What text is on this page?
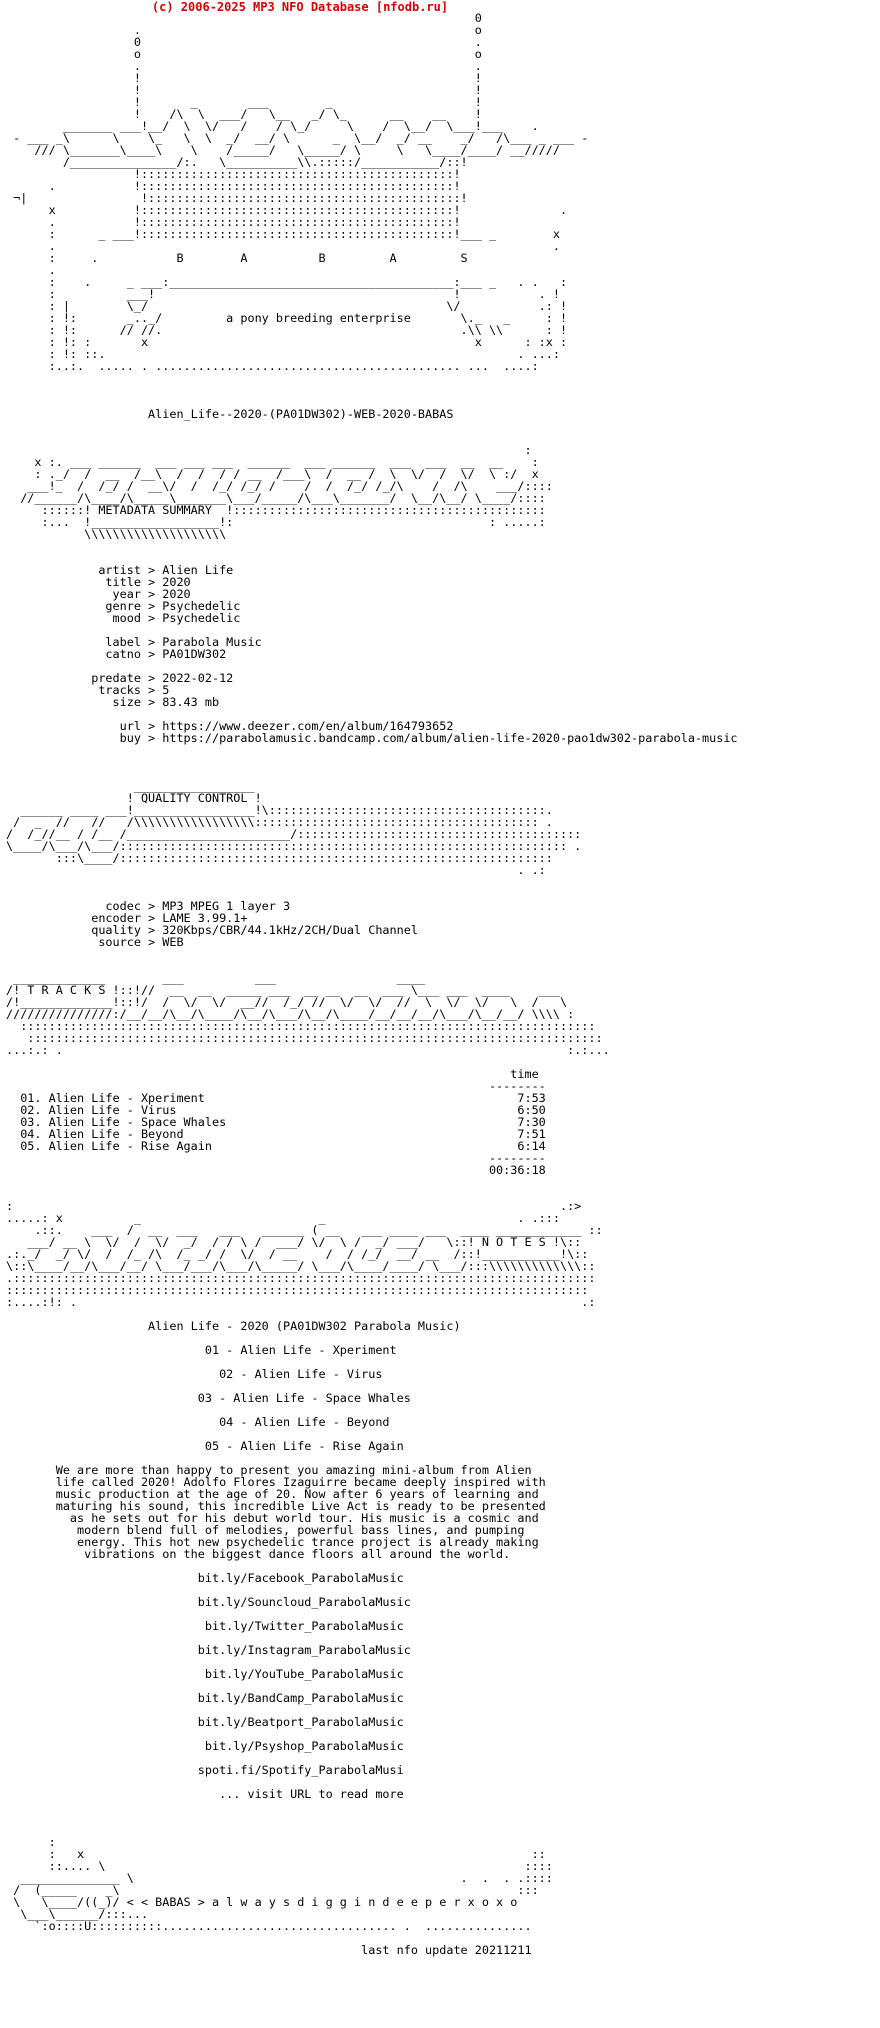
(c) 2006-2025 MP3 NFO Database [nfodb.ru]
0
.                                               o
0                                               .
o                                               o
.                                               .
!                                               !
!                                               !
!       _       ___        _                    !
!    /\  \  ___/   \__   _/ \_      __    __    !
_______ ___!__/  \  \/   /    / \_/     \    /  \__/  \___!___    .
- ___ _\      \    \_   \  \  _/  __/ \      _  \__/  _/ __    _/   /\___ _ ___ -
/// \_______\____\    \    /_____/   \_____/ \     \   \____/____/ __/////
/_______________/:.   \__________\\.:::::/___________/::!
!::::::::::::::::::::::::::::::::::::::::::::!
.           !::::::::::::::::::::::::::::::::::::::::::::!
¬|                !::::::::::::::::::::::::::::::::::::::::::::!
x           !::::::::::::::::::::::::::::::::::::::::::::!              .
.           !::::::::::::::::::::::::::::::::::::::::::::!
:      _ ___!::::::::::::::::::::::::::::::::::::::::::::!___ _        x
.                                                                      .
:     .           B        A          B         A         S
.
:    .     _ ___:________________________________________:___ _   . .   :
:          ___!                                          !           . !
: |        \_/                                          \/           .: !
: !:       _.._/         a pony breeding enterprise       \._   _     : !
: !:      // //.                                          .\\ \\      : !
: !: :       x                                              x      : :x :
: !: ::.                                                          . ...:
:..:.  ..... . ........................................... ...  ....:

Alien_Life--2020-(PA01DW302)-WEB-2020-BABAS

:
x :. ___ ______  ___ ___ ___  ______  ___ ______  ___  ___  __  __    :
: ._/  /  __  /__\  /  /  / / __  /___\  /  __ /  \  \/  /  \/  \ :/  x
___!_  /  /_/ /  __\/  /  /_/ /_/ /    /  /  /_/ /_/\    /  /\    ___/::::
//______/\____/\_____\_______\___/_____/\___\_______/  \__/\__/ \____/::::
::::::! METADATA SUMMARY  !::::::::::::::::::::::::::::::::::::::::::::
:...  !__________________!:                                    : .....:
\\\\\\\\\\\\\\\\\\\\

artist > Alien Life
title > 2020
year > 2020
genre > Psychedelic
mood > Psychedelic

label > Parabola Music
catno > PA01DW302

predate > 2022-02-12
tracks > 5
size > 83.43 mb

url > https://www.deezer.com/en/album/164793652
buy > https://parabolamusic.bandcamp.com/album/alien-life-2020-pao1dw302-parabola-music

_________________
! QUALITY CONTROL !
______ ____ ___!_________________!\:::::::::::::::::::::::::::::::::::::::.
/  _  //   //   /\\\\\\\\\\\\\\\\\:::::::::::::::::::::::::::::::::::::::: .
/  /_//__ / /__ /_______________________/::::::::::::::::::::::::::::::::::::::::
\____/\___/\___/::::::::::::::::::::::::::::::::::::::::::::::::::::::::::::::: .
:::\____/:::::::::::::::::::::::::::::::::::::::::::::::::::::::::::::
. .:

codec > MP3 MPEG 1 layer 3
encoder > LAME 3.99.1+
quality > 320Kbps/CBR/44.1kHz/2CH/Dual Channel
source > WEB

_____________        ___          ___                 ____
/! T R A C K S !::!//  __  __  _____ ___  __ __  __  ___ \___ ___  ____    ___
/!_____________!::!/  /  \/  \/  __//  /_/ //  \/  \/  //  \  \/  \/   \  /   \
///////////////:/__/__/\__/\____/\__/\___/\__/\____/__/__/__/\___/\__/__/ \\\\ :
:::::::::::::::::::::::::::::::::::::::::::::::::::::::::::::::::::::::::::::::::
:::::::::::::::::::::::::::::::::::::::::::::::::::::::::::::::::::::::::::::::::
...:.: .                                                                       :.:...

time
--------
01. Alien Life - Xperiment                                            7:53
02. Alien Life - Virus                                                6:50
03. Alien Life - Space Whales                                         7:30
04. Alien Life - Beyond                                               7:51
05. Alien Life - Rise Again                                           6:14
--------
00:36:18

:                                                                             .:>
.....: x          _                         _                           . .:::
.::.    ___  /  __  ___   ___   ______ ( __   ___ ____ ___  ____ ____________ ::
___/ __ \  \/  /  \/  _/  / / \ /  ___/ \/  \ /  _/ ___/   \::! N O T E S !\::
.:._/  _/ \/  /  /_ /\  /_ _/ /  \/  / __    /  / /_/  __/ __  /::!___________!\::
\::\____/__/\___/__/ \___/___/\___/\_____/ \___/\____/____/ \___/:::\\\\\\\\\\\\\::
.::::::::::::::::::::::::::::::::::::::::::::::::::::::::::::::::::::::::::::::::::
::::::::::::::::::::::::::::::::::::::::::::::::::::::::::::::::::::::::::::::::::
:....:!: .                                                                       .:

Alien Life - 2020 (PA01DW302 Parabola Music)

01 - Alien Life - Xperiment

02 - Alien Life - Virus

03 - Alien Life - Space Whales

04 - Alien Life - Beyond

05 - Alien Life - Rise Again

We are more than happy to present you amazing mini-album from Alien
life called 2020! Adolfo Flores Izaguirre became deeply inspired with
music production at the age of 20. Now after 6 years of learning and
maturing his sound, this incredible Live Act is ready to be presented
as he sets out for his debut world tour. His music is a cosmic and
modern blend full of melodies, powerful bass lines, and pumping
energy. This hot new psychedelic trance project is already making
vibrations on the biggest dance floors all around the world.

bit.ly/Facebook_ParabolaMusic

bit.ly/Souncloud_ParabolaMusic

bit.ly/Twitter_ParabolaMusic

bit.ly/Instagram_ParabolaMusic

bit.ly/YouTube_ParabolaMusic

bit.ly/BandCamp_ParabolaMusic

bit.ly/Beatport_ParabolaMusic

bit.ly/Psyshop_ParabolaMusic

spoti.fi/Spotify_ParabolaMusi

... visit URL to read more

:
:   x                                                               ::
::.... \                                                           ::::
______________ \                                              .  .  . .::::
/  (_____    _\                                                        :::
\   \____/((_)/ < < BABAS > a l w a y s d i g g i n d e e p e r x o x o
\___\______/:::...
`:o::::U::::::::::................................. .  ...............

last nfo update 20211211
